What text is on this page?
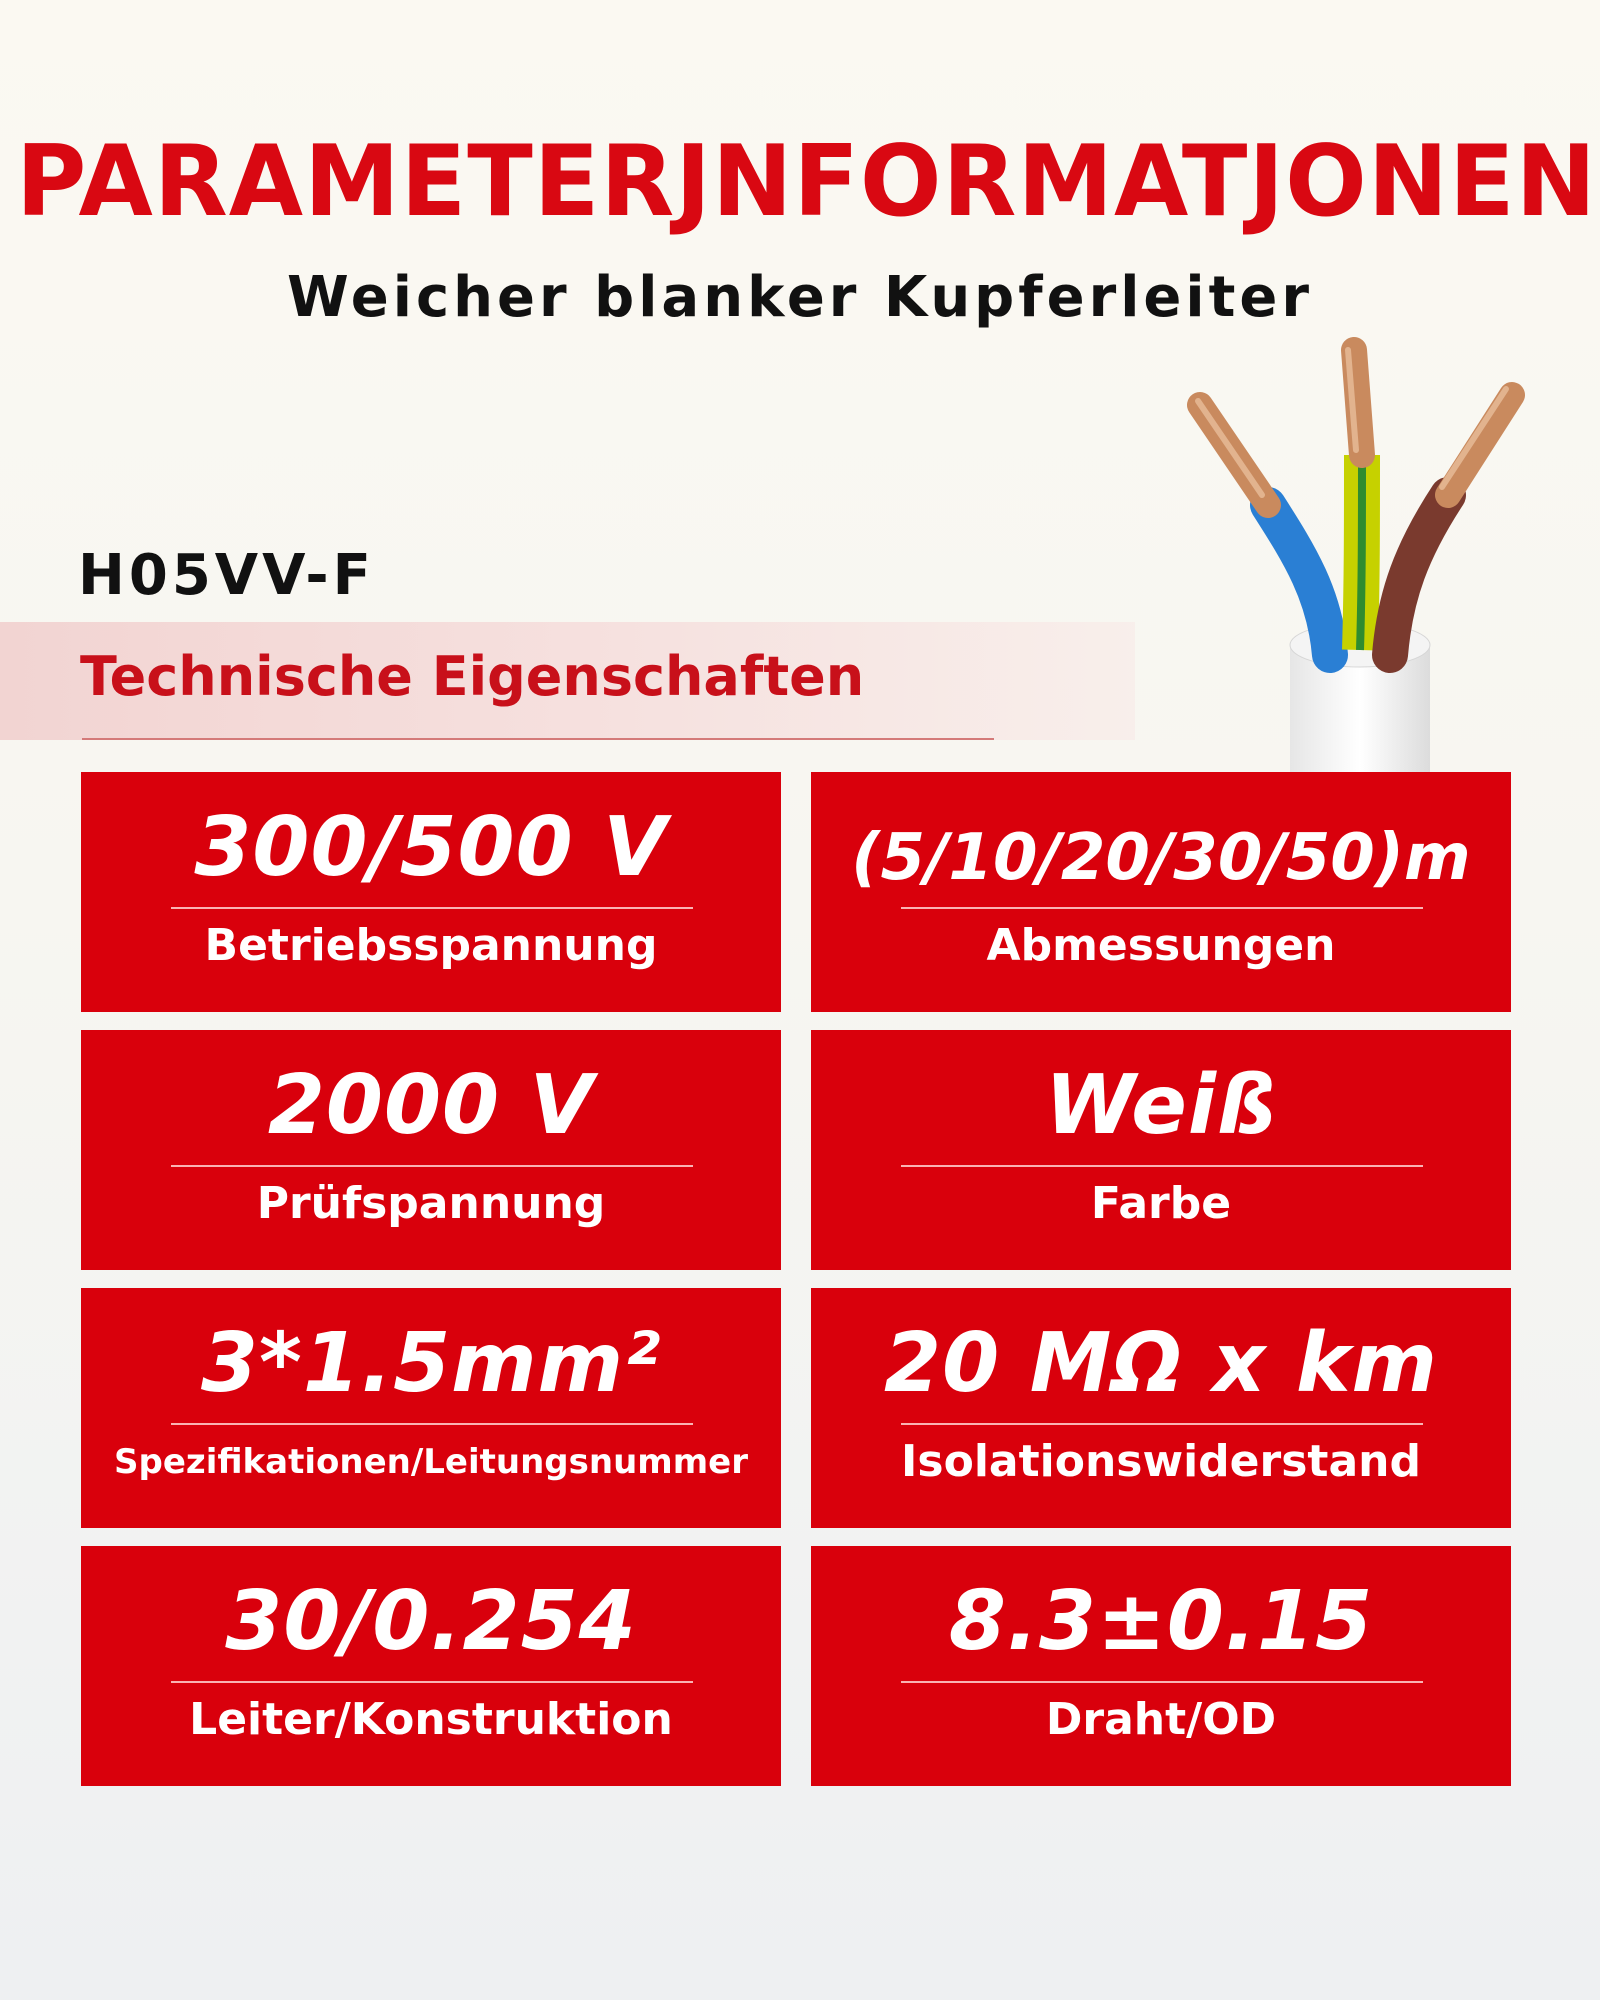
PARAMETERJNFORMATJONEN
Weicher blanker Kupferleiter
H05VV-F
Technische Eigenschaften
300/500 V
Betriebsspannung
(5/10/20/30/50)m
Abmessungen
2000 V
Prüfspannung
Weiß
Farbe
3*1.5mm²
Spezifikationen/Leitungsnummer
20 MΩ x km
Isolationswiderstand
30/0.254
Leiter/Konstruktion
8.3±0.15
Draht/OD
